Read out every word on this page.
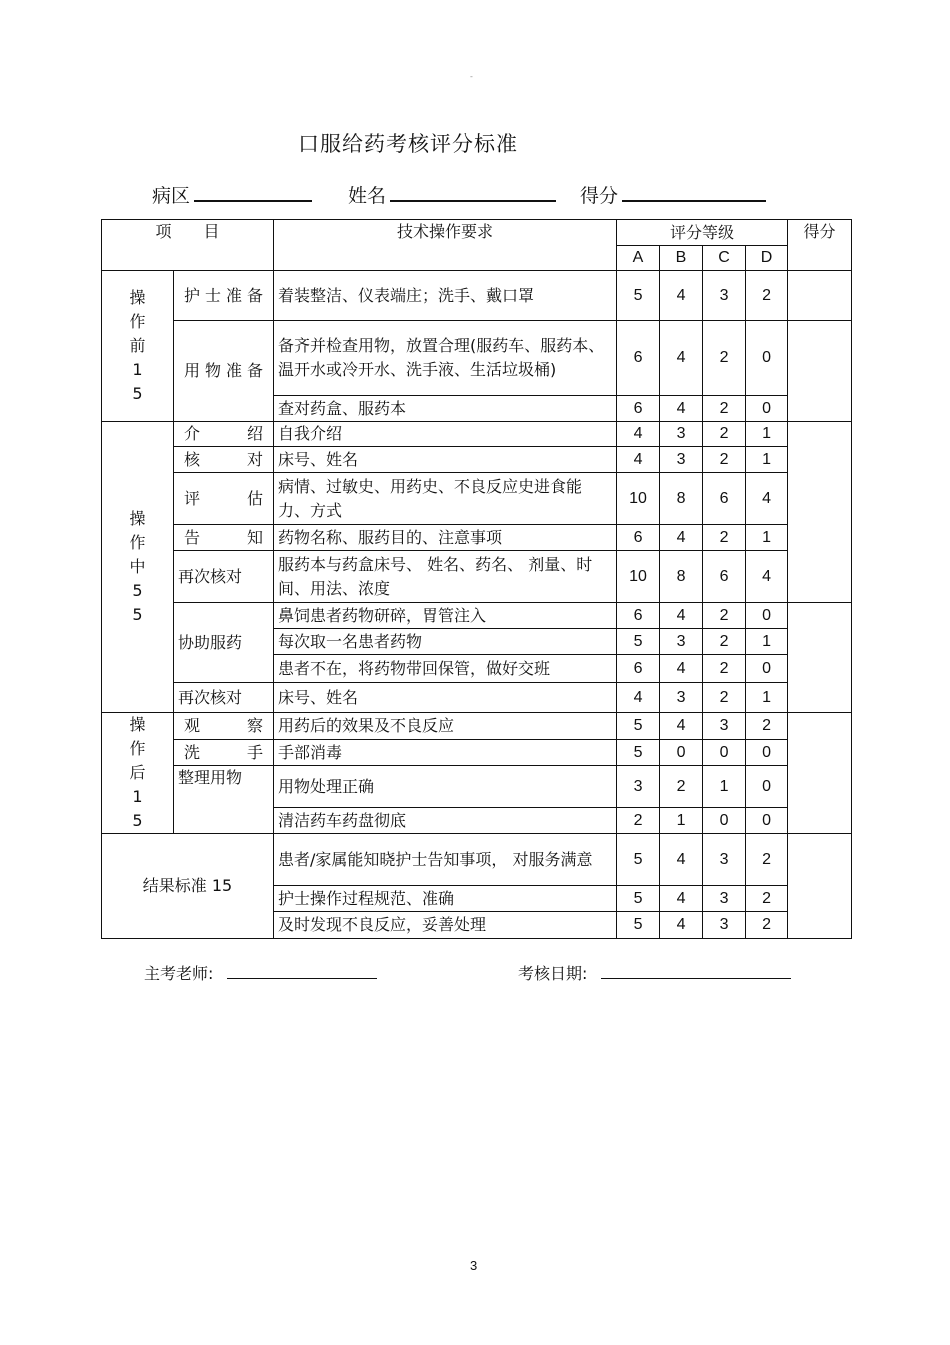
-
口服给药考核评分标准
病区	姓名	得分
项　　目		技术操作要求	评分等级				得分
			A	B	C	D	
操作前15	护士准备	着装整洁、仪表端庄；洗手、戴口罩	5	4	3	2	
	用物准备	备齐并检查用物，放置合理(服药车、服药本、温开水或冷开水、洗手液、生活垃圾桶)	6	4	2	0	
		查对药盒、服药本	6	4	2	0	
操作中55	介绍	自我介绍	4	3	2	1	
	核对	床号、姓名	4	3	2	1	
	评估	病情、过敏史、用药史、不良反应史进食能力、方式	10	8	6	4	
	告知	药物名称、服药目的、注意事项	6	4	2	1	
	再次核对	服药本与药盒床号、 姓名、药名、 剂量、时间、用法、浓度	10	8	6	4	
	协助服药	鼻饲患者药物研碎，胃管注入	6	4	2	0	
		每次取一名患者药物	5	3	2	1	
		患者不在，将药物带回保管，做好交班	6	4	2	0	
	再次核对	床号、姓名	4	3	2	1	
操作后15	观察	用药后的效果及不良反应	5	4	3	2	
	洗手	手部消毒	5	0	0	0	
	整理用物	用物处理正确	3	2	1	0	
		清洁药车药盘彻底	2	1	0	0	
结果标准 15		患者/家属能知晓护士告知事项， 对服务满意	5	4	3	2	
		护士操作过程规范、准确	5	4	3	2	
		及时发现不良反应，妥善处理	5	4	3	2	
主考老师:	考核日期:
3
